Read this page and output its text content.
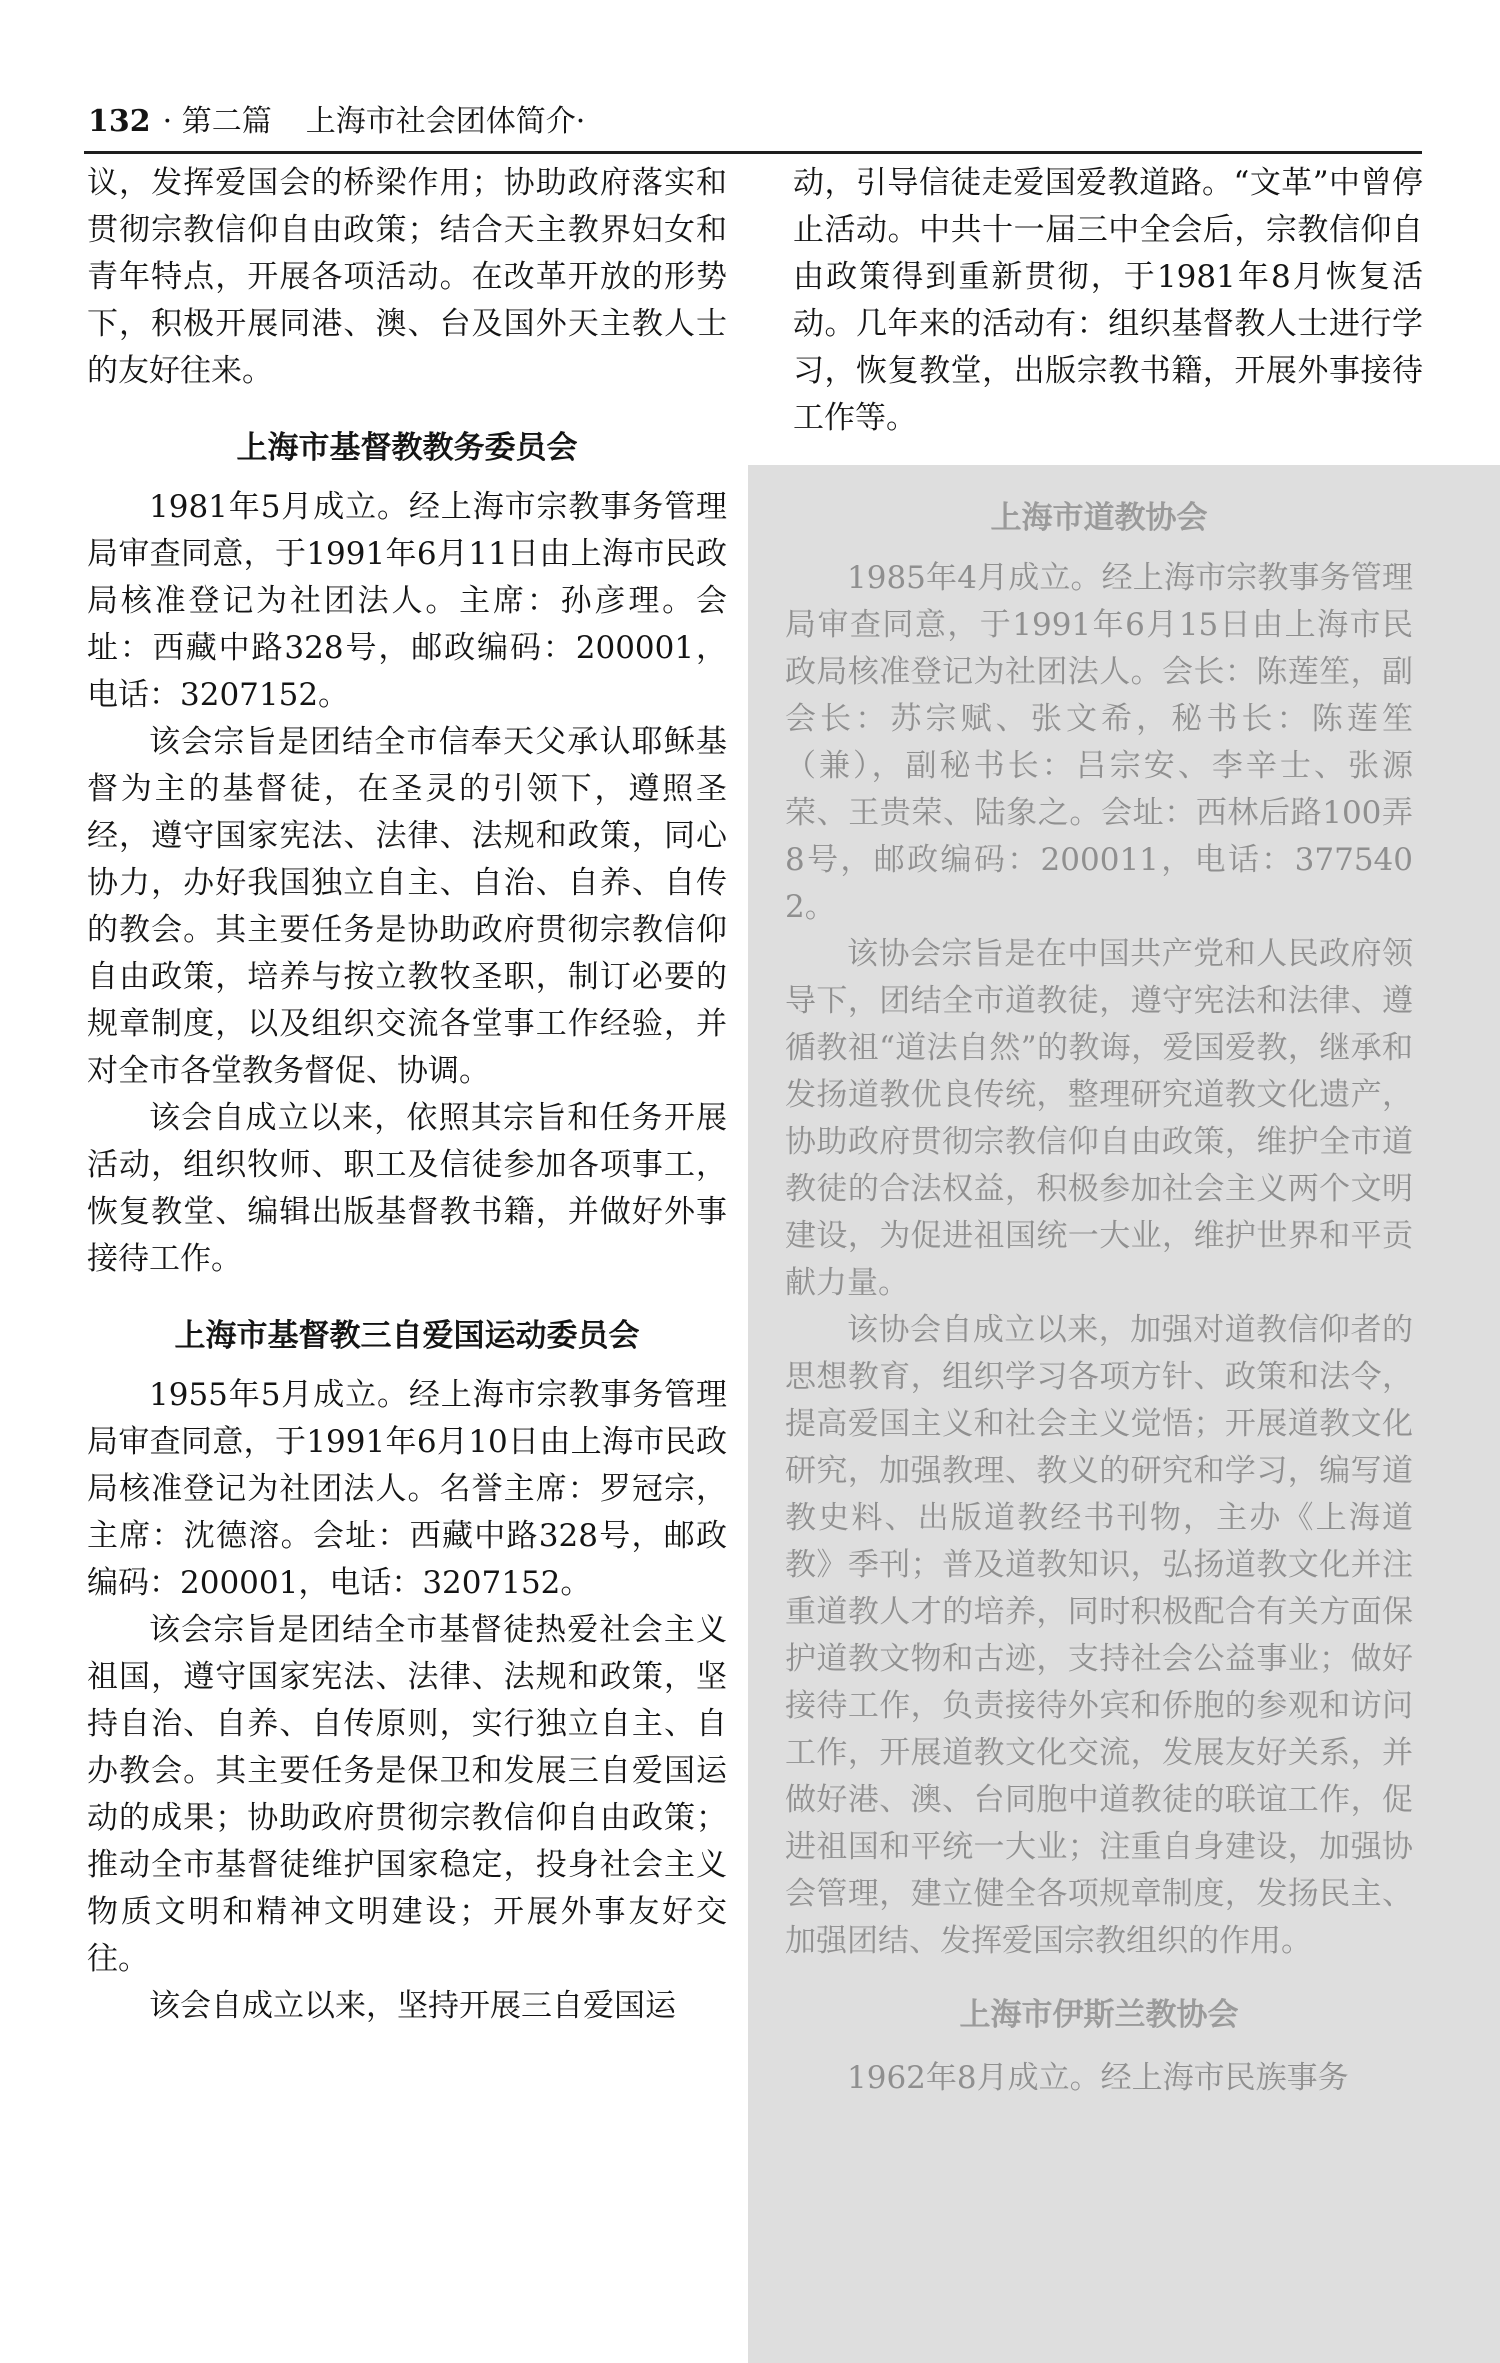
132 · 第二篇 上海市社会团体简介·

议，发挥爱国会的桥梁作用；协助政府落实和贯彻宗教信仰自由政策；结合天主教界妇女和青年特点，开展各项活动。在改革开放的形势下，积极开展同港、澳、台及国外天主教人士的友好往来。

上海市基督教教务委员会

1981年5月成立。经上海市宗教事务管理局审查同意，于1991年6月11日由上海市民政局核准登记为社团法人。主席：孙彦理。会址：西藏中路328号，邮政编码：200001，电话：3207152。

该会宗旨是团结全市信奉天父承认耶稣基督为主的基督徒，在圣灵的引领下，遵照圣经，遵守国家宪法、法律、法规和政策，同心协力，办好我国独立自主、自治、自养、自传的教会。其主要任务是协助政府贯彻宗教信仰自由政策，培养与按立教牧圣职，制订必要的规章制度，以及组织交流各堂事工作经验，并对全市各堂教务督促、协调。

该会自成立以来，依照其宗旨和任务开展活动，组织牧师、职工及信徒参加各项事工，恢复教堂、编辑出版基督教书籍，并做好外事接待工作。

上海市基督教三自爱国运动委员会

1955年5月成立。经上海市宗教事务管理局审查同意，于1991年6月10日由上海市民政局核准登记为社团法人。名誉主席：罗冠宗，主席：沈德溶。会址：西藏中路328号，邮政编码：200001，电话：3207152。

该会宗旨是团结全市基督徒热爱社会主义祖国，遵守国家宪法、法律、法规和政策，坚持自治、自养、自传原则，实行独立自主、自办教会。其主要任务是保卫和发展三自爱国运动的成果；协助政府贯彻宗教信仰自由政策；推动全市基督徒维护国家稳定，投身社会主义物质文明和精神文明建设；开展外事友好交往。

该会自成立以来，坚持开展三自爱国运

动，引导信徒走爱国爱教道路。“文革”中曾停止活动。中共十一届三中全会后，宗教信仰自由政策得到重新贯彻，于1981年8月恢复活动。几年来的活动有：组织基督教人士进行学习，恢复教堂，出版宗教书籍，开展外事接待工作等。

上海市道教协会

1985年4月成立。经上海市宗教事务管理局审查同意，于1991年6月15日由上海市民政局核准登记为社团法人。会长：陈莲笙，副会长：苏宗赋、张文希，秘书长：陈莲笙（兼），副秘书长：吕宗安、李辛士、张源荣、王贵荣、陆象之。会址：西林后路100弄8号，邮政编码：200011，电话：3775402。

该协会宗旨是在中国共产党和人民政府领导下，团结全市道教徒，遵守宪法和法律、遵循教祖“道法自然”的教诲，爱国爱教，继承和发扬道教优良传统，整理研究道教文化遗产，协助政府贯彻宗教信仰自由政策，维护全市道教徒的合法权益，积极参加社会主义两个文明建设，为促进祖国统一大业，维护世界和平贡献力量。

该协会自成立以来，加强对道教信仰者的思想教育，组织学习各项方针、政策和法令，提高爱国主义和社会主义觉悟；开展道教文化研究，加强教理、教义的研究和学习，编写道教史料、出版道教经书刊物，主办《上海道教》季刊；普及道教知识，弘扬道教文化并注重道教人才的培养，同时积极配合有关方面保护道教文物和古迹，支持社会公益事业；做好接待工作，负责接待外宾和侨胞的参观和访问工作，开展道教文化交流，发展友好关系，并做好港、澳、台同胞中道教徒的联谊工作，促进祖国和平统一大业；注重自身建设，加强协会管理，建立健全各项规章制度，发扬民主、加强团结、发挥爱国宗教组织的作用。

上海市伊斯兰教协会

1962年8月成立。经上海市民族事务
